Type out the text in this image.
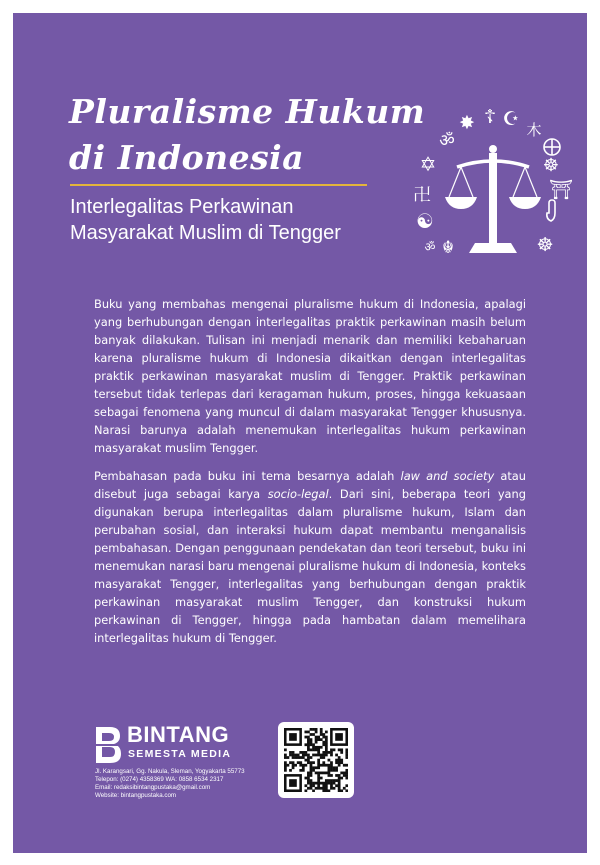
Pluralisme Hukum
di Indonesia
Interlegalitas Perkawinan
Masyarakat Muslim di Tengger
✸ ☦ ☪ 木
ॐ
✡	☸
卍	⛩
☯
☬
ॐ	☸

Buku yang membahas mengenai pluralisme hukum di Indonesia, apalagi yang berhubungan dengan interlegalitas praktik perkawinan masih belum banyak dilakukan. Tulisan ini menjadi menarik dan memiliki kebaharuan karena pluralisme hukum di Indonesia dikaitkan dengan interlegalitas praktik perkawinan masyarakat muslim di Tengger. Praktik perkawinan tersebut tidak terlepas dari keragaman hukum, proses, hingga kekuasaan sebagai fenomena yang muncul di dalam masyarakat Tengger khususnya. Narasi barunya adalah menemukan interlegalitas hukum perkawinan masyarakat muslim Tengger.

Pembahasan pada buku ini tema besarnya adalah law and society atau disebut juga sebagai karya socio-legal. Dari sini, beberapa teori yang digunakan berupa interlegalitas dalam pluralisme hukum, Islam dan perubahan sosial, dan interaksi hukum dapat membantu menganalisis pembahasan. Dengan penggunaan pendekatan dan teori tersebut, buku ini menemukan narasi baru mengenai pluralisme hukum di Indonesia, konteks masyarakat Tengger, interlegalitas yang berhubungan dengan praktik perkawinan masyarakat muslim Tengger, dan konstruksi hukum perkawinan di Tengger, hingga pada hambatan dalam memelihara interlegalitas hukum di Tengger.

BINTANG
SEMESTA MEDIA
Jl. Karangsari, Gg. Nakula, Sleman, Yogyakarta 55773
Telepon: (0274) 4358369 WA: 0858 6534 2317
Email: redaksibintangpustaka@gmail.com
Website: bintangpustaka.com
